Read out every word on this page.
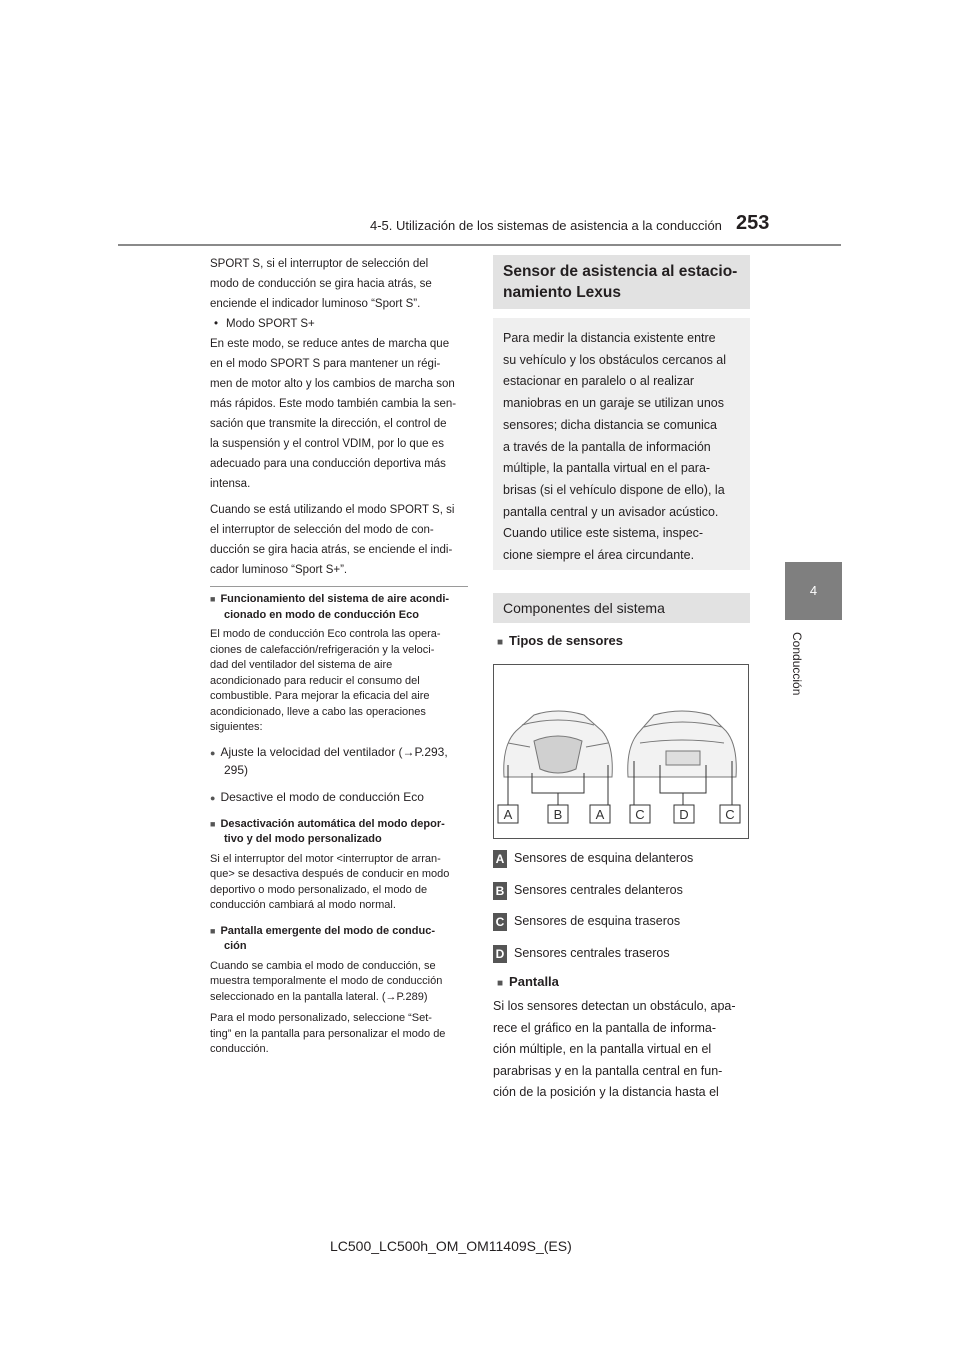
4-5. Utilización de los sistemas de asistencia a la conducción 253
4
Conducción
SPORT S, si el interruptor de selección del
modo de conducción se gira hacia atrás, se
enciende el indicador luminoso “Sport S”.
• Modo SPORT S+
En este modo, se reduce antes de marcha que
en el modo SPORT S para mantener un régi-
men de motor alto y los cambios de marcha son
más rápidos. Este modo también cambia la sen-
sación que transmite la dirección, el control de
la suspensión y el control VDIM, por lo que es
adecuado para una conducción deportiva más
intensa.
Cuando se está utilizando el modo SPORT S, si
el interruptor de selección del modo de con-
ducción se gira hacia atrás, se enciende el indi-
cador luminoso “Sport S+”.
■ Funcionamiento del sistema de aire acondi-
cionado en modo de conducción Eco
El modo de conducción Eco controla las opera-
ciones de calefacción/refrigeración y la veloci-
dad del ventilador del sistema de aire
acondicionado para reducir el consumo del
combustible. Para mejorar la eficacia del aire
acondicionado, lleve a cabo las operaciones
siguientes:
● Ajuste la velocidad del ventilador (→P.293,
295)
● Desactive el modo de conducción Eco
■ Desactivación automática del modo depor-
tivo y del modo personalizado
Si el interruptor del motor <interruptor de arran-
que> se desactiva después de conducir en modo
deportivo o modo personalizado, el modo de
conducción cambiará al modo normal.
■ Pantalla emergente del modo de conduc-
ción
Cuando se cambia el modo de conducción, se
muestra temporalmente el modo de conducción
seleccionado en la pantalla lateral. (→P.289)
Para el modo personalizado, seleccione “Set-
ting” en la pantalla para personalizar el modo de
conducción.
Sensor de asistencia al estacio-
namiento Lexus
Para medir la distancia existente entre
su vehículo y los obstáculos cercanos al
estacionar en paralelo o al realizar
maniobras en un garaje se utilizan unos
sensores; dicha distancia se comunica
a través de la pantalla de información
múltiple, la pantalla virtual en el para-
brisas (si el vehículo dispone de ello), la
pantalla central y un avisador acústico.
Cuando utilice este sistema, inspec-
cione siempre el área circundante.
Componentes del sistema
■ Tipos de sensores
A	B	A C	D	C
A Sensores de esquina delanteros
B Sensores centrales delanteros
C Sensores de esquina traseros
D Sensores centrales traseros
■ Pantalla
Si los sensores detectan un obstáculo, apa-
rece el gráfico en la pantalla de informa-
ción múltiple, en la pantalla virtual en el
parabrisas y en la pantalla central en fun-
ción de la posición y la distancia hasta el
LC500_LC500h_OM_OM11409S_(ES)
